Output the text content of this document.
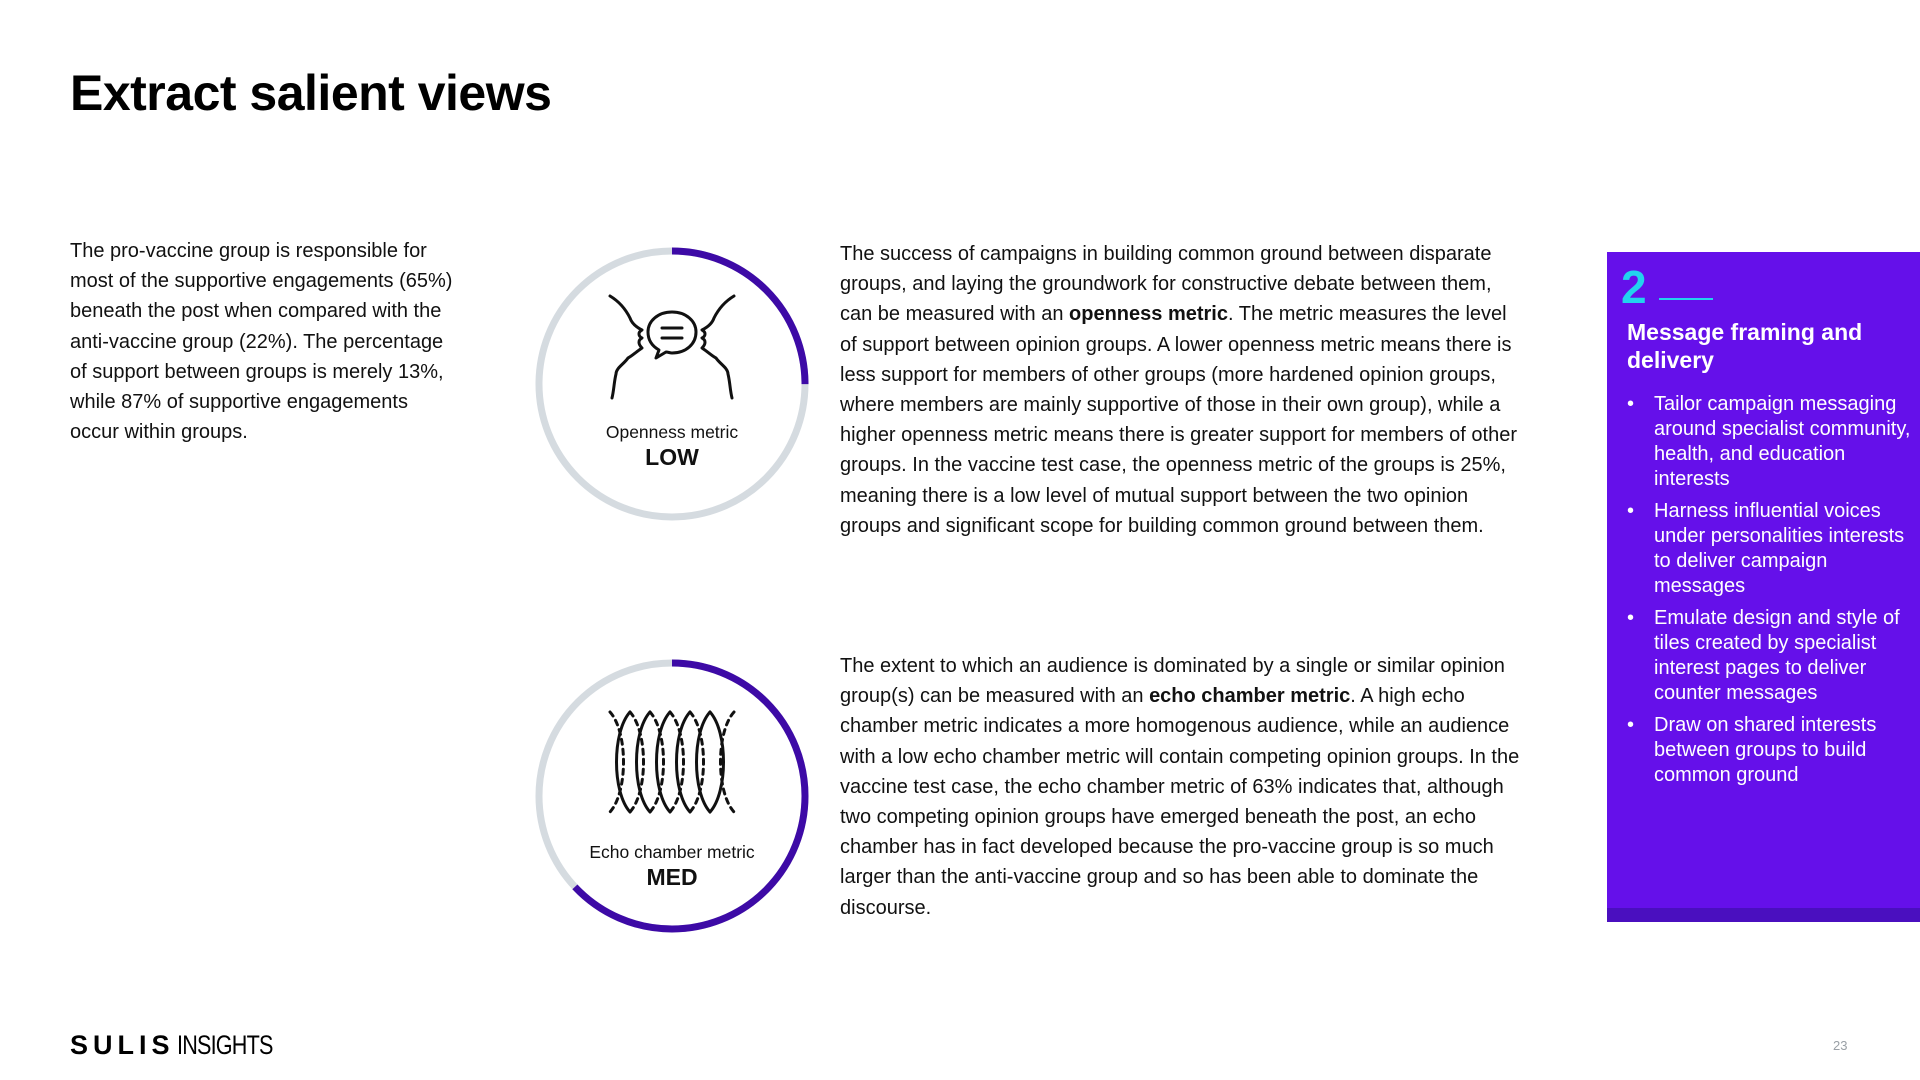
Extract salient views
The pro-vaccine group is responsible for most of the supportive engagements (65%) beneath the post when compared with the anti-vaccine group (22%). The percentage of support between groups is merely 13%, while 87% of supportive engagements occur within groups.	Openness metric
LOW
Echo chamber metric
MED
The success of campaigns in building common ground between disparate groups, and laying the groundwork for constructive debate between them, can be measured with an openness metric. The metric measures the level of support between opinion groups. A lower openness metric means there is less support for members of other groups (more hardened opinion groups, where members are mainly supportive of those in their own group), while a higher openness metric means there is greater support for members of other groups. In the vaccine test case, the openness metric of the groups is 25%, meaning there is a low level of mutual support between the two opinion groups and significant scope for building common ground between them.
The extent to which an audience is dominated by a single or similar opinion group(s) can be measured with an echo chamber metric. A high echo chamber metric indicates a more homogenous audience, while an audience with a low echo chamber metric will contain competing opinion groups. In the vaccine test case, the echo chamber metric of 63% indicates that, although two competing opinion groups have emerged beneath the post, an echo chamber has in fact developed because the pro-vaccine group is so much larger than the anti-vaccine group and so has been able to dominate the discourse.
2
Message framing and delivery
• Tailor campaign messaging around specialist community, health, and education interests
• Harness influential voices under personalities interests to deliver campaign messages
• Emulate design and style of tiles created by specialist interest pages to deliver counter messages
• Draw on shared interests between groups to build common ground
SULIS INSIGHTS	23
